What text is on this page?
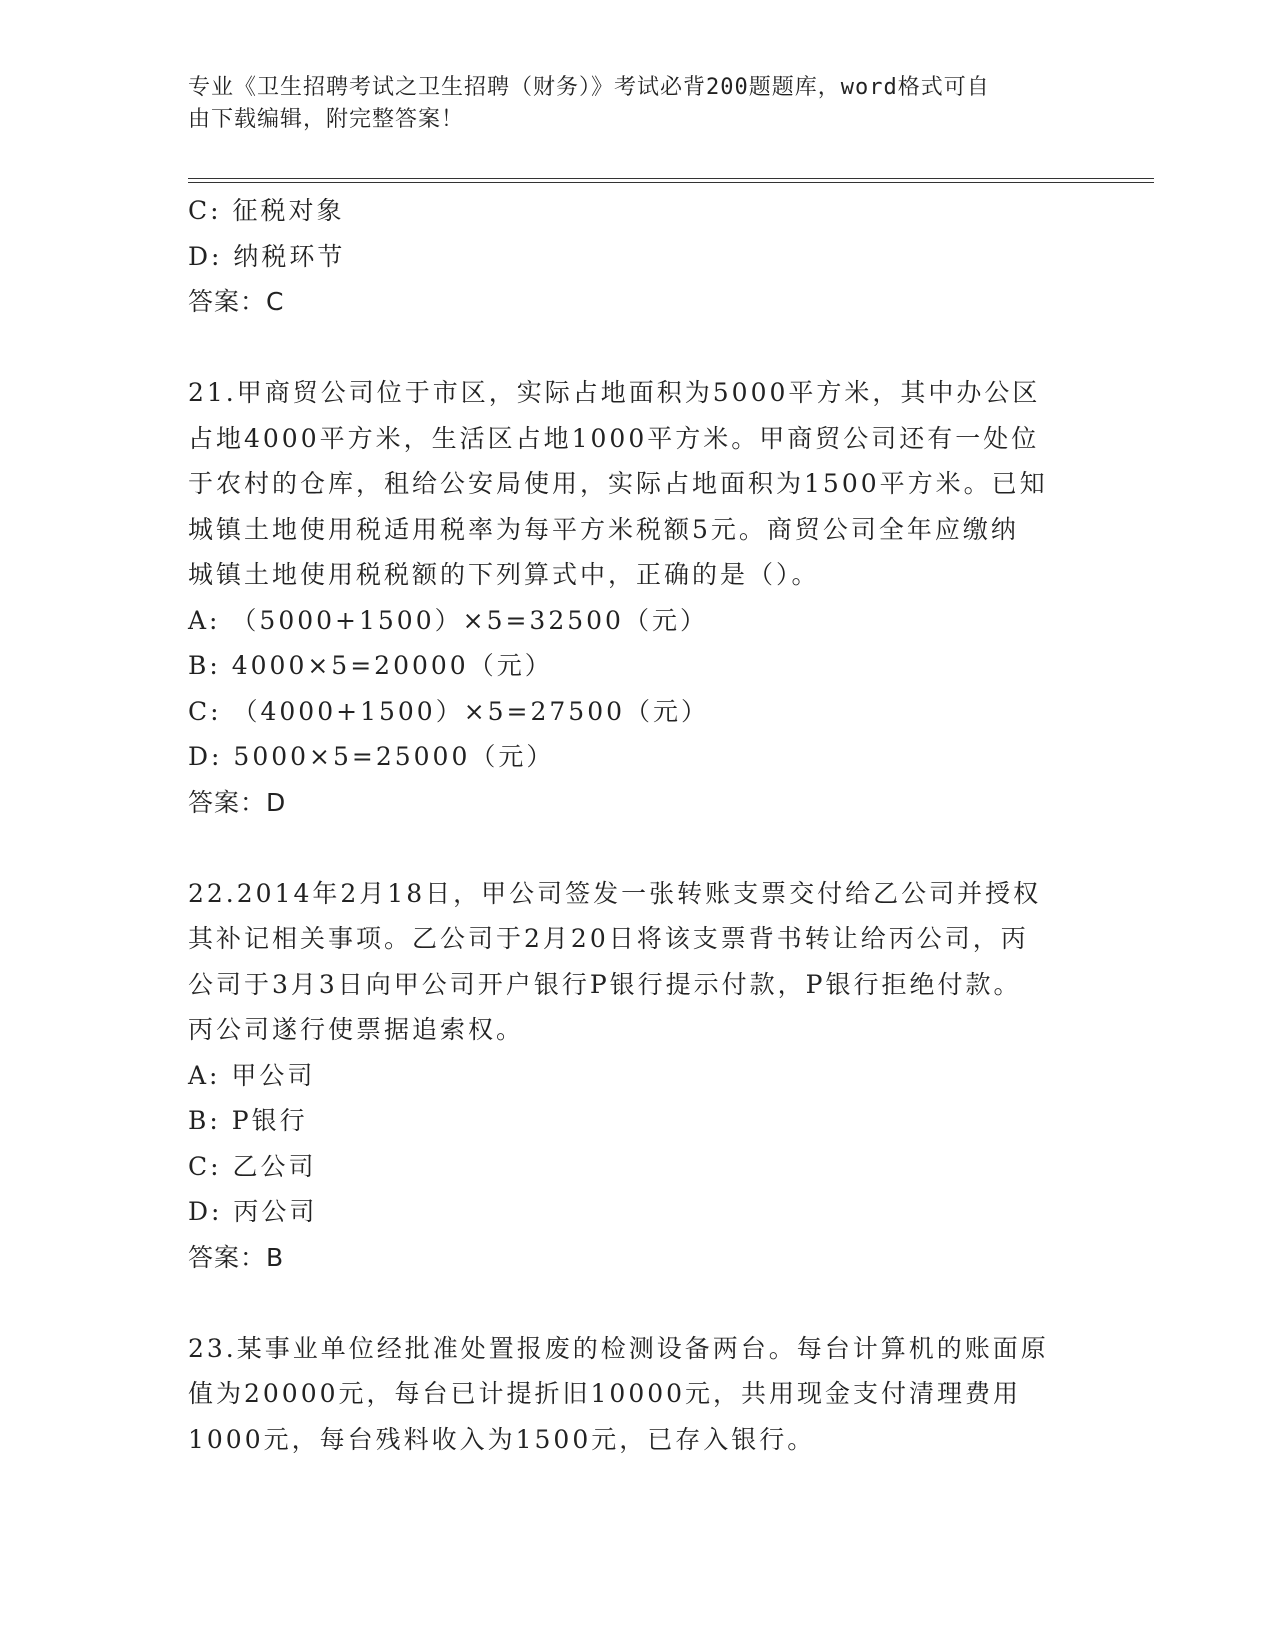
专业《卫生招聘考试之卫生招聘（财务）》考试必背200题题库，word格式可自
由下载编辑，附完整答案！
C: 征税对象
D: 纳税环节
答案：C
21.甲商贸公司位于市区，实际占地面积为5000平方米，其中办公区
占地4000平方米，生活区占地1000平方米。甲商贸公司还有一处位
于农村的仓库，租给公安局使用，实际占地面积为1500平方米。已知
城镇土地使用税适用税率为每平方米税额5元。商贸公司全年应缴纳
城镇土地使用税税额的下列算式中，正确的是（）。
A: （5000+1500）×5=32500（元）
B: 4000×5=20000（元）
C: （4000+1500）×5=27500（元）
D: 5000×5=25000（元）
答案：D
22.2014年2月18日，甲公司签发一张转账支票交付给乙公司并授权
其补记相关事项。乙公司于2月20日将该支票背书转让给丙公司，丙
公司于3月3日向甲公司开户银行P银行提示付款，P银行拒绝付款。
丙公司遂行使票据追索权。
A: 甲公司
B: P银行
C: 乙公司
D: 丙公司
答案：B
23.某事业单位经批准处置报废的检测设备两台。每台计算机的账面原
值为20000元，每台已计提折旧10000元，共用现金支付清理费用
1000元，每台残料收入为1500元，已存入银行。
